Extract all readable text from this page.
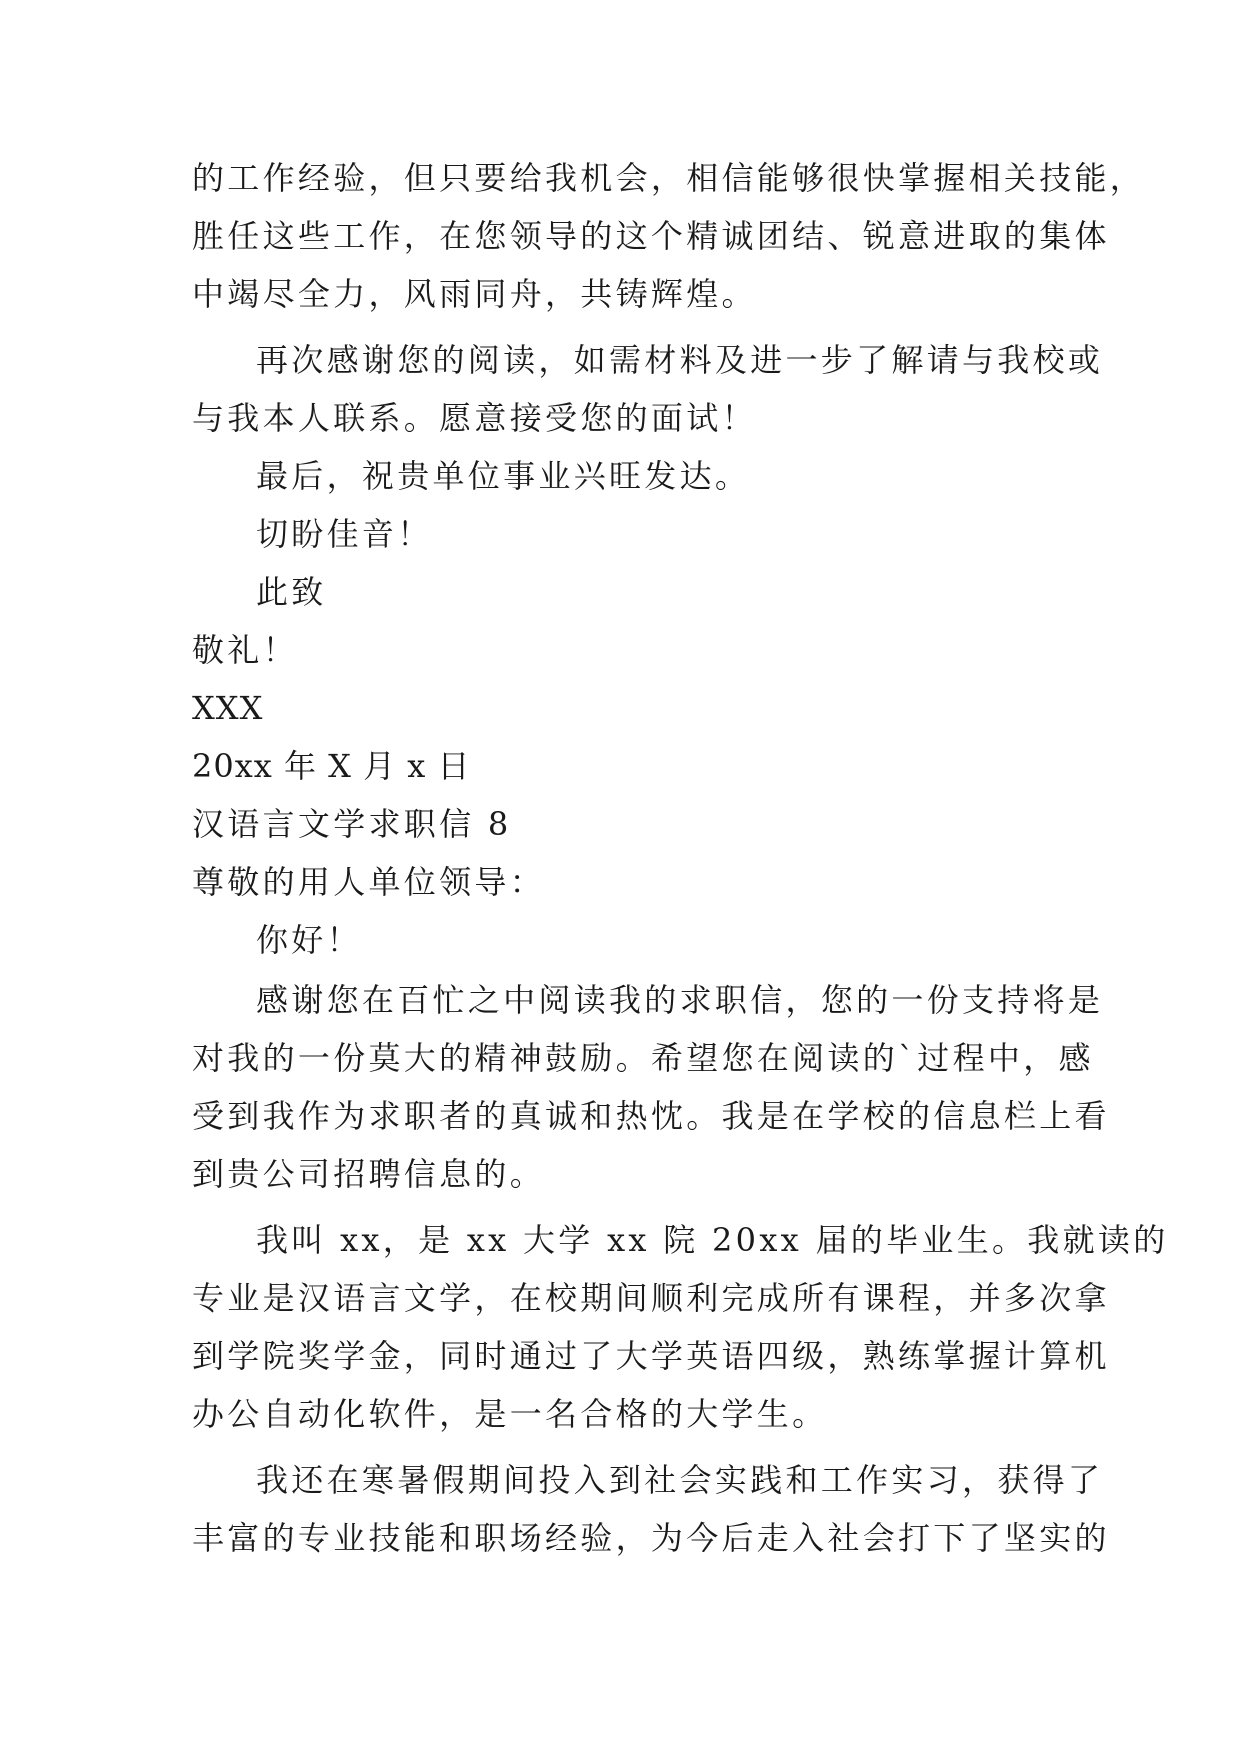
的工作经验，但只要给我机会，相信能够很快掌握相关技能，
胜任这些工作，在您领导的这个精诚团结、锐意进取的集体
中竭尽全力，风雨同舟，共铸辉煌。
再次感谢您的阅读，如需材料及进一步了解请与我校或
与我本人联系。愿意接受您的面试！
最后，祝贵单位事业兴旺发达。
切盼佳音！
此致
敬礼！
XXX
20xx 年 X 月 x 日
汉语言文学求职信 8
尊敬的用人单位领导：
你好！
感谢您在百忙之中阅读我的求职信，您的一份支持将是
对我的一份莫大的精神鼓励。希望您在阅读的`过程中，感
受到我作为求职者的真诚和热忱。我是在学校的信息栏上看
到贵公司招聘信息的。
我叫 xx，是 xx 大学 xx 院 20xx 届的毕业生。我就读的
专业是汉语言文学，在校期间顺利完成所有课程，并多次拿
到学院奖学金，同时通过了大学英语四级，熟练掌握计算机
办公自动化软件，是一名合格的大学生。
我还在寒暑假期间投入到社会实践和工作实习，获得了
丰富的专业技能和职场经验，为今后走入社会打下了坚实的
